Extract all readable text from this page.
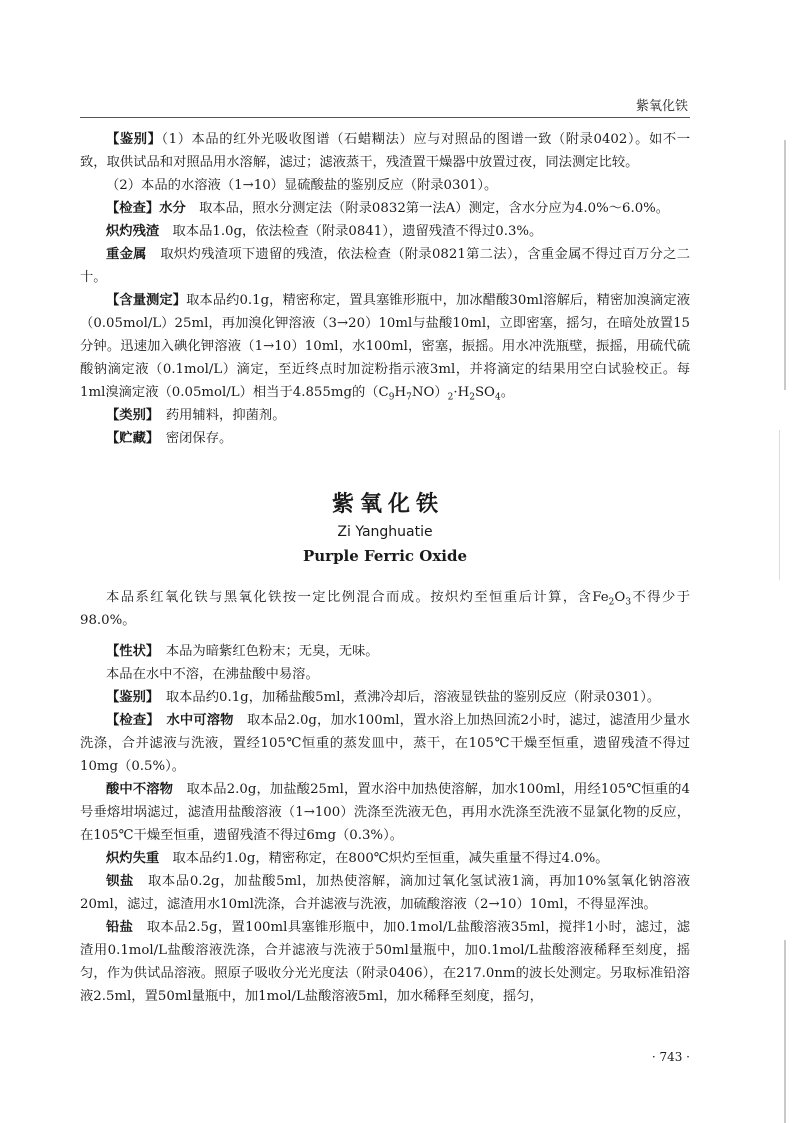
紫氧化铁

【鉴别】（1）本品的红外光吸收图谱（石蜡糊法）应与对照品的图谱一致（附录0402）。如不一致，取供试品和对照品用水溶解，滤过；滤液蒸干，残渣置干燥器中放置过夜，同法测定比较。

（2）本品的水溶液（1→10）显硫酸盐的鉴别反应（附录0301）。

【检查】水分　 取本品，照水分测定法（附录0832第一法A）测定，含水分应为4.0%～6.0%。

炽灼残渣　 取本品1.0g，依法检查（附录0841），遗留残渣不得过0.3%。

重金属　 取炽灼残渣项下遗留的残渣，依法检查（附录0821第二法），含重金属不得过百万分之二十。

【含量测定】取本品约0.1g，精密称定，置具塞锥形瓶中，加冰醋酸30ml溶解后，精密加溴滴定液（0.05mol/L）25ml，再加溴化钾溶液（3→20）10ml与盐酸10ml，立即密塞，摇匀，在暗处放置15分钟。迅速加入碘化钾溶液（1→10）10ml，水100ml，密塞，振摇。用水冲洗瓶壁，振摇，用硫代硫酸钠滴定液（0.1mol/L）滴定，至近终点时加淀粉指示液3ml，并将滴定的结果用空白试验校正。每1ml溴滴定液（0.05mol/L）相当于4.855mg的$(C_9H_7NO)_2\cdot H_2SO_4$。

【类别】　 药用辅料，抑菌剂。

【贮藏】　 密闭保存。

紫氧化铁
Zi Yanghuatie
Purple Ferric Oxide

本品系红氧化铁与黑氧化铁按一定比例混合而成。按炽灼至恒重后计算，含$Fe_2O_3$不得少于98.0%。

【性状】　 本品为暗紫红色粉末；无臭，无味。

本品在水中不溶，在沸盐酸中易溶。

【鉴别】　 取本品约0.1g，加稀盐酸5ml，煮沸冷却后，溶液显铁盐的鉴别反应（附录0301）。

【检查】　 水中可溶物　 取本品2.0g，加水100ml，置水浴上加热回流2小时，滤过，滤渣用少量水洗涤，合并滤液与洗液，置经105℃恒重的蒸发皿中，蒸干，在105℃干燥至恒重，遗留残渣不得过10mg（0.5%）。

酸中不溶物　 取本品2.0g，加盐酸25ml，置水浴中加热使溶解，加水100ml，用经105℃恒重的4号垂熔坩埚滤过，滤渣用盐酸溶液（1→100）洗涤至洗液无色，再用水洗涤至洗液不显氯化物的反应，在105℃干燥至恒重，遗留残渣不得过6mg（0.3%）。

炽灼失重　 取本品约1.0g，精密称定，在800℃炽灼至恒重，减失重量不得过4.0%。

钡盐　 取本品0.2g，加盐酸5ml，加热使溶解，滴加过氧化氢试液1滴，再加10%氢氧化钠溶液20ml，滤过，滤渣用水10ml洗涤，合并滤液与洗液，加硫酸溶液（2→10）10ml，不得显浑浊。

铅盐　 取本品2.5g，置100ml具塞锥形瓶中，加0.1mol/L盐酸溶液35ml，搅拌1小时，滤过，滤渣用0.1mol/L盐酸溶液洗涤，合并滤液与洗液于50ml量瓶中，加0.1mol/L盐酸溶液稀释至刻度，摇匀，作为供试品溶液。照原子吸收分光光度法（附录0406），在217.0nm的波长处测定。另取标准铅溶液2.5ml，置50ml量瓶中，加1mol/L盐酸溶液5ml，加水稀释至刻度，摇匀，

· 743 ·
